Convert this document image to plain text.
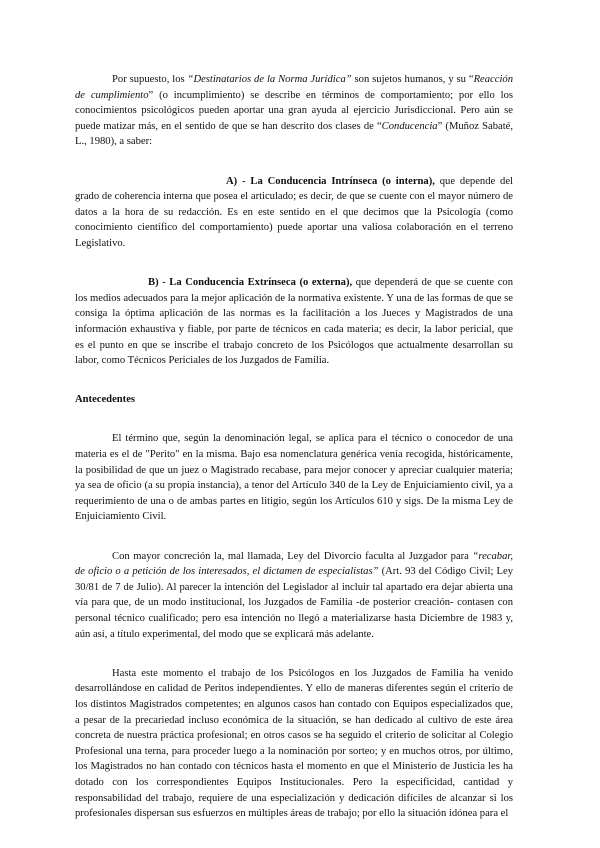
Por supuesto, los “Destinatarios de la Norma Jurídica” son sujetos humanos, y su “Reacción de cumplimiento” (o incumplimiento) se describe en términos de comportamiento; por ello los conocimientos psicológicos pueden aportar una gran ayuda al ejercicio Jurisdiccional. Pero aún se puede matizar más, en el sentido de que se han descrito dos clases de “Conducencia” (Muñoz Sabaté, L., 1980), a saber:

A) - La Conducencia Intrínseca (o interna), que depende del grado de coherencia interna que posea el articulado; es decir, de que se cuente con el mayor número de datos a la hora de su redacción. Es en este sentido en el que decimos que la Psicología (como conocimiento científico del comportamiento) puede aportar una valiosa colaboración en el terreno Legislativo.

B) - La Conducencia Extrínseca (o externa), que dependerá de que se cuente con los medios adecuados para la mejor aplicación de la normativa existente. Y una de las formas de que se consiga la óptima aplicación de las normas es la facilitación a los Jueces y Magistrados de una información exhaustiva y fiable, por parte de técnicos en cada materia; es decir, la labor pericial, que es el punto en que se inscribe el trabajo concreto de los Psicólogos que actualmente desarrollan su labor, como Técnicos Periciales de los Juzgados de Familia.

Antecedentes

El término que, según la denominación legal, se aplica para el técnico o conocedor de una materia es el de "Perito" en la misma. Bajo esa nomenclatura genérica venía recogida, históricamente, la posibilidad de que un juez o Magistrado recabase, para mejor conocer y apreciar cualquier materia; ya sea de oficio (a su propia instancia), a tenor del Artículo 340 de la Ley de Enjuiciamiento civil, ya a requerimiento de una o de ambas partes en litigio, según los Artículos 610 y sigs. De la misma Ley de Enjuiciamiento Civil.

Con mayor concreción la, mal llamada, Ley del Divorcio faculta al Juzgador para “recabar, de oficio o a petición de los interesados, el dictamen de especialistas” (Art. 93 del Código Civil; Ley 30/81 de 7 de Julio). Al parecer la intención del Legislador al incluir tal apartado era dejar abierta una vía para que, de un modo institucional, los Juzgados de Familia -de posterior creación- contasen con personal técnico cualificado; pero esa intención no llegó a materializarse hasta Diciembre de 1983 y, aún así, a título experimental, del modo que se explicará más adelante.

Hasta este momento el trabajo de los Psicólogos en los Juzgados de Familia ha venido desarrollándose en calidad de Peritos independientes. Y ello de maneras diferentes según el criterio de los distintos Magistrados competentes; en algunos casos han contado con Equipos especializados que, a pesar de la precariedad incluso económica de la situación, se han dedicado al cultivo de este área concreta de nuestra práctica profesional; en otros casos se ha seguido el criterio de solicitar al Colegio Profesional una terna, para proceder luego a la nominación por sorteo; y en muchos otros, por último, los Magistrados no han contado con técnicos hasta el momento en que el Ministerio de Justicia les ha dotado con los correspondientes Equipos Institucionales. Pero la especificidad, cantidad y responsabilidad del trabajo, requiere de una especialización y dedicación difíciles de alcanzar si los profesionales dispersan sus esfuerzos en múltiples áreas de trabajo; por ello la situación idónea para el
